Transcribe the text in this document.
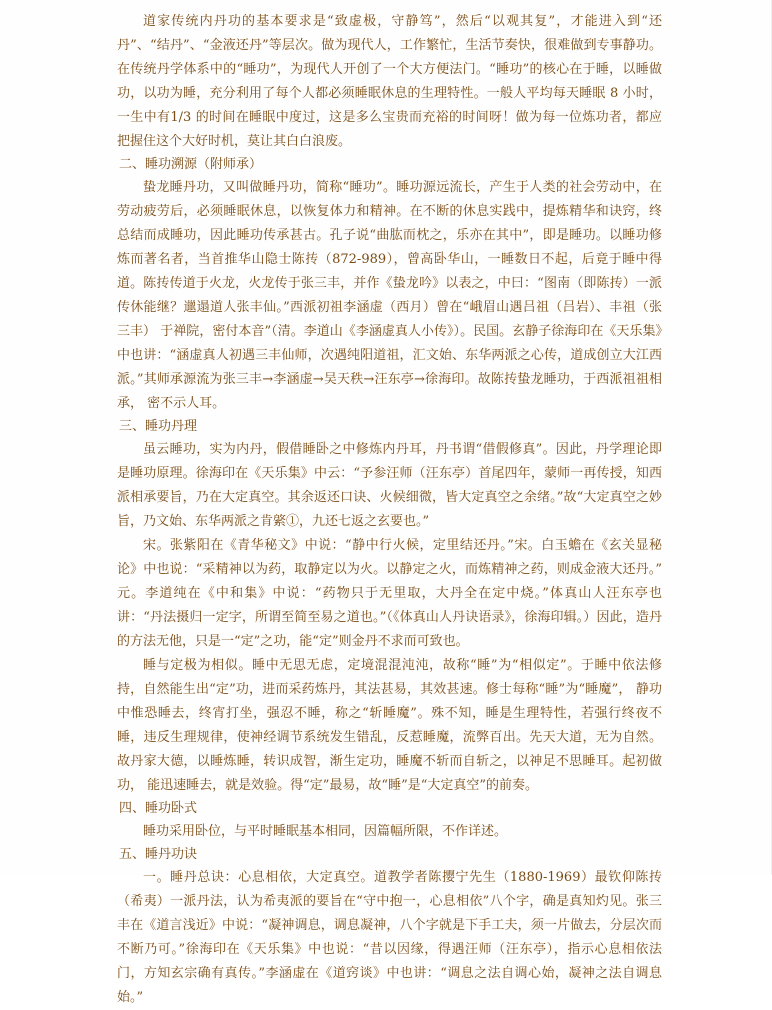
道家传统内丹功的基本要求是“致虚极，守静笃”，然后“以观其复”，才能进入到“还丹”、“结丹”、“金液还丹”等层次。做为现代人，工作繁忙，生活节奏快，很难做到专事静功。在传统丹学体系中的“睡功”，为现代人开创了一个大方便法门。“睡功”的核心在于睡，以睡做功，以功为睡，充分利用了每个人都必须睡眠休息的生理特性。一般人平均每天睡眠 8 小时，一生中有1/3 的时间在睡眠中度过，这是多么宝贵而充裕的时间呀！做为每一位炼功者，都应把握住这个大好时机，莫让其白白浪废。

二、睡功溯源（附师承）

蛰龙睡丹功，又叫做睡丹功，简称“睡功”。睡功源远流长，产生于人类的社会劳动中，在劳动疲劳后，必须睡眠休息，以恢复体力和精神。在不断的休息实践中，提炼精华和诀窍，终总结而成睡功，因此睡功传承甚古。孔子说“曲肱而枕之，乐亦在其中”，即是睡功。以睡功修炼而著名者，当首推华山隐士陈抟（872-989），曾高卧华山，一睡数日不起，后竟于睡中得道。陈抟传道于火龙，火龙传于张三丰，并作《蛰龙吟》以表之，中曰：“图南（即陈抟）一派传休能继？邋遢道人张丰仙。”西派初祖李涵虚（西月）曾在“峨眉山遇吕祖（吕岩）、丰祖（张三丰） 于禅院，密付本音”（清。李道山《李涵虚真人小传》）。民国。玄静子徐海印在《天乐集》中也讲：“涵虚真人初遇三丰仙师，次遇纯阳道祖，汇文始、东华两派之心传，道成创立大江西派。”其师承源流为张三丰→李涵虚→吴天秩→汪东亭→徐海印。故陈抟蛰龙睡功，于西派祖祖相承， 密不示人耳。

三、睡功丹理

虽云睡功，实为内丹，假借睡卧之中修炼内丹耳，丹书谓“借假修真”。因此，丹学理论即是睡功原理。徐海印在《天乐集》中云：“予参汪师（汪东亭）首尾四年，蒙师一再传授，知西派相承要旨，乃在大定真空。其余返还口诀、火候细微，皆大定真空之余绪。”故“大定真空之妙旨，乃文始、东华两派之肯綮①，九还七返之玄要也。”

宋。张紫阳在《青华秘文》中说：“静中行火候，定里结还丹。”宋。白玉蟾在《玄关显秘论》中也说：“采精神以为药，取静定以为火。以静定之火，而炼精神之药，则成金液大还丹。” 元。李道纯在《中和集》中说：“药物只于无里取，大丹全在定中烧。”体真山人汪东亭也讲：“丹法摄归一定字，所谓至简至易之道也。”（《体真山人丹诀语录》，徐海印辑。）因此，造丹的方法无他，只是一“定”之功，能“定”则金丹不求而可致也。

睡与定极为相似。睡中无思无虑，定境混混沌沌，故称“睡”为“相似定”。于睡中依法修持，自然能生出“定”功，进而采药炼丹，其法甚易，其效甚速。修士每称“睡”为“睡魔”， 静功中惟恐睡去，终宵打坐，强忍不睡，称之“斩睡魔”。殊不知，睡是生理特性，若强行终夜不睡，违反生理规律，使神经调节系统发生错乱，反惹睡魔，流弊百出。先天大道，无为自然。故丹家大德，以睡炼睡，转识成智，渐生定功，睡魔不斩而自斩之，以神足不思睡耳。起初做功， 能迅速睡去，就是效验。得“定”最易，故“睡”是“大定真空”的前奏。

四、睡功卧式

睡功采用卧位，与平时睡眠基本相同，因篇幅所限，不作详述。

五、睡丹功诀

一。睡丹总诀：心息相依，大定真空。道教学者陈撄宁先生（1880-1969）最钦仰陈抟（希夷）一派丹法，认为希夷派的要旨在“守中抱一，心息相依”八个字，确是真知灼见。张三丰在《道言浅近》中说：“凝神调息，调息凝神，八个字就是下手工夫，须一片做去，分层次而不断乃可。”徐海印在《天乐集》中也说：“昔以因缘，得遇汪师（汪东亭），指示心息相依法门，方知玄宗确有真传。”李涵虚在《道窍谈》中也讲：“调息之法自调心始，凝神之法自调息始。”
